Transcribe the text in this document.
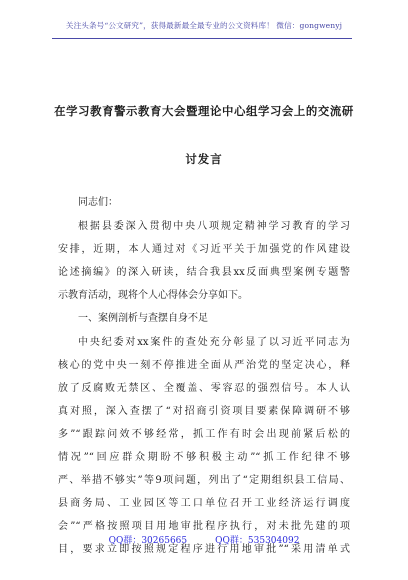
关注头条号“公文研究”，获得最新最全最专业的公文资料库！ 微信：gongwenyj
在学习教育警示教育大会暨理论中心组学习会上的交流研
讨发言
同志们：
根据县委深入贯彻中央八项规定精神学习教育的学习
安排，近期，本人通过对《习近平关于加强党的作风建设
论述摘编》的深入研读，结合我县xx反面典型案例专题警
示教育活动，现将个人心得体会分享如下。
一、案例剖析与查摆自身不足
中央纪委对xx案件的查处充分彰显了以习近平同志为
核心的党中央一刻不停推进全面从严治党的坚定决心，释
放了反腐败无禁区、全覆盖、零容忍的强烈信号。本人认
真对照，深入查摆了“对招商引资项目要素保障调研不够
多”“跟踪问效不够经常，抓工作有时会出现前紧后松的
情况”“回应群众期盼不够积极主动”“抓工作纪律不够
严、举措不够实”等9项问题，列出了“定期组织县工信局、
县商务局、工业园区等工口单位召开工业经济运行调度
会”“严格按照项目用地审批程序执行，对未批先建的项
目，要求立即按照规定程序进行用地审批”“采用清单式
QQ群：30265665	QQ群：535304092
